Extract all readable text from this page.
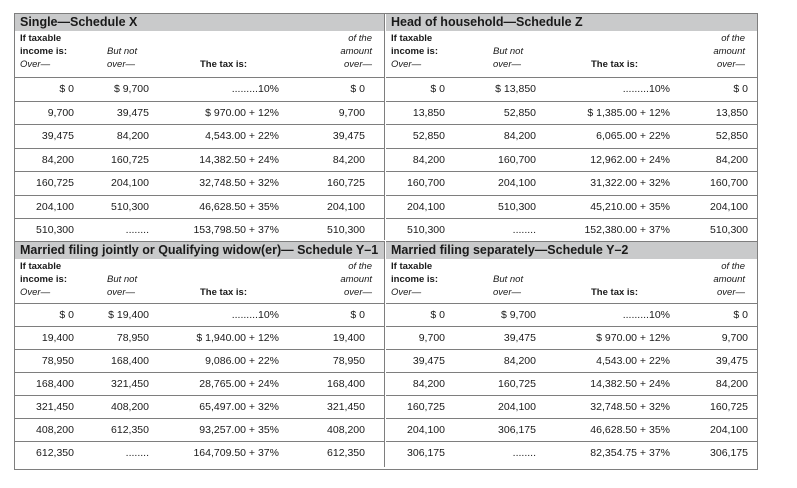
Single—Schedule X
If taxable
income is:
Over—
But not
over—	The tax is:
of the
amount
over—
$ 0	$ 9,700	.........10%	$ 0
9,700	39,475	$ 970.00 + 12%	9,700
39,475	84,200	4,543.00 + 22%	39,475
84,200	160,725	14,382.50 + 24%	84,200
160,725	204,100	32,748.50 + 32%	160,725
204,100	510,300	46,628.50 + 35%	204,100
510,300	........	153,798.50 + 37%	510,300
Head of household—Schedule Z
If taxable
income is:
Over—
But not
over—	The tax is:
of the
amount
over—
$ 0	$ 13,850	.........10%	$ 0
13,850	52,850	$ 1,385.00 + 12%	13,850
52,850	84,200	6,065.00 + 22%	52,850
84,200	160,700	12,962.00 + 24%	84,200
160,700	204,100	31,322.00 + 32%	160,700
204,100	510,300	45,210.00 + 35%	204,100
510,300	........	152,380.00 + 37%	510,300
Married filing jointly or Qualifying widow(er)— Schedule Y–1
If taxable
income is:
Over—
But not
over—	The tax is:
of the
amount
over—
$ 0	$ 19,400	.........10%	$ 0
19,400	78,950	$ 1,940.00 + 12%	19,400
78,950	168,400	9,086.00 + 22%	78,950
168,400	321,450	28,765.00 + 24%	168,400
321,450	408,200	65,497.00 + 32%	321,450
408,200	612,350	93,257.00 + 35%	408,200
612,350	........	164,709.50 + 37%	612,350
Married filing separately—Schedule Y–2
If taxable
income is:
Over—
But not
over—	The tax is:
of the
amount
over—
$ 0	$ 9,700	.........10%	$ 0
9,700	39,475	$ 970.00 + 12%	9,700
39,475	84,200	4,543.00 + 22%	39,475
84,200	160,725	14,382.50 + 24%	84,200
160,725	204,100	32,748.50 + 32%	160,725
204,100	306,175	46,628.50 + 35%	204,100
306,175	........	82,354.75 + 37%	306,175
